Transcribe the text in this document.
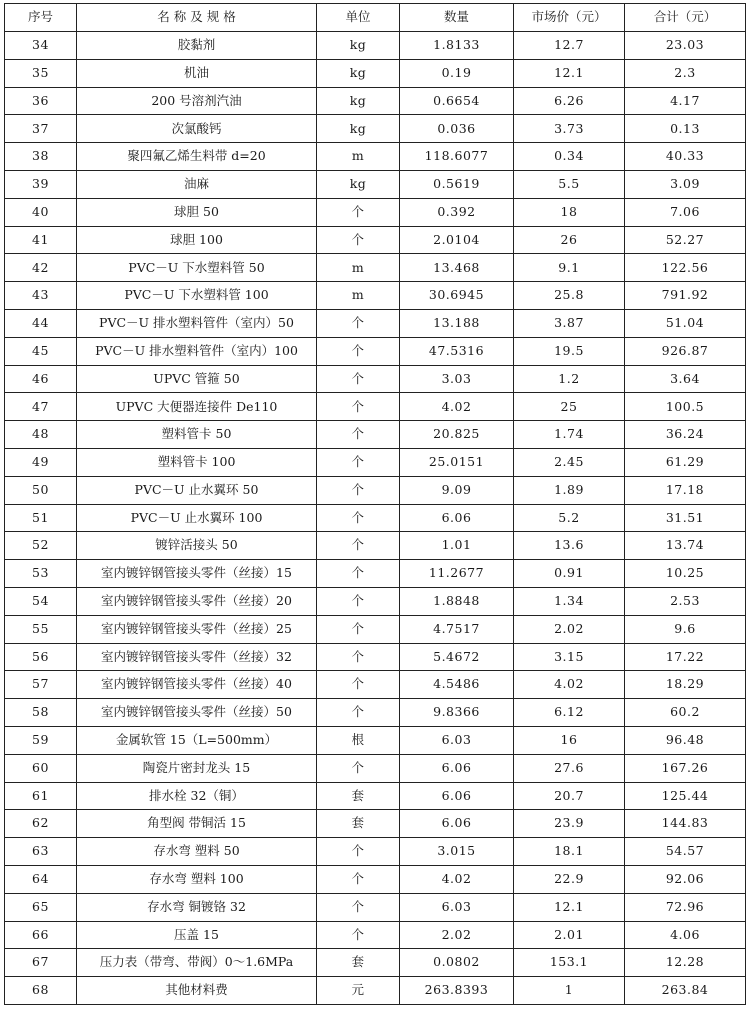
序号	名 称 及 规 格	单位	数量	市场价（元）	合计（元）
34	胶黏剂	kg	1.8133	12.7	23.03
35	机油	kg	0.19	12.1	2.3
36	200 号溶剂汽油	kg	0.6654	6.26	4.17
37	次氯酸钙	kg	0.036	3.73	0.13
38	聚四氟乙烯生料带 d=20	m	118.6077	0.34	40.33
39	油麻	kg	0.5619	5.5	3.09
40	球胆 50	个	0.392	18	7.06
41	球胆 100	个	2.0104	26	52.27
42	PVC－U 下水塑料管 50	m	13.468	9.1	122.56
43	PVC－U 下水塑料管 100	m	30.6945	25.8	791.92
44	PVC－U 排水塑料管件（室内）50	个	13.188	3.87	51.04
45	PVC－U 排水塑料管件（室内）100	个	47.5316	19.5	926.87
46	UPVC 管箍 50	个	3.03	1.2	3.64
47	UPVC 大便器连接件 De110	个	4.02	25	100.5
48	塑料管卡 50	个	20.825	1.74	36.24
49	塑料管卡 100	个	25.0151	2.45	61.29
50	PVC－U 止水翼环 50	个	9.09	1.89	17.18
51	PVC－U 止水翼环 100	个	6.06	5.2	31.51
52	镀锌活接头 50	个	1.01	13.6	13.74
53	室内镀锌钢管接头零件（丝接）15	个	11.2677	0.91	10.25
54	室内镀锌钢管接头零件（丝接）20	个	1.8848	1.34	2.53
55	室内镀锌钢管接头零件（丝接）25	个	4.7517	2.02	9.6
56	室内镀锌钢管接头零件（丝接）32	个	5.4672	3.15	17.22
57	室内镀锌钢管接头零件（丝接）40	个	4.5486	4.02	18.29
58	室内镀锌钢管接头零件（丝接）50	个	9.8366	6.12	60.2
59	金属软管 15（L=500mm）	根	6.03	16	96.48
60	陶瓷片密封龙头 15	个	6.06	27.6	167.26
61	排水栓 32（铜）	套	6.06	20.7	125.44
62	角型阀 带铜活 15	套	6.06	23.9	144.83
63	存水弯 塑料 50	个	3.015	18.1	54.57
64	存水弯 塑料 100	个	4.02	22.9	92.06
65	存水弯 铜镀铬 32	个	6.03	12.1	72.96
66	压盖 15	个	2.02	2.01	4.06
67	压力表（带弯、带阀）0～1.6MPa	套	0.0802	153.1	12.28
68	其他材料费	元	263.8393	1	263.84
